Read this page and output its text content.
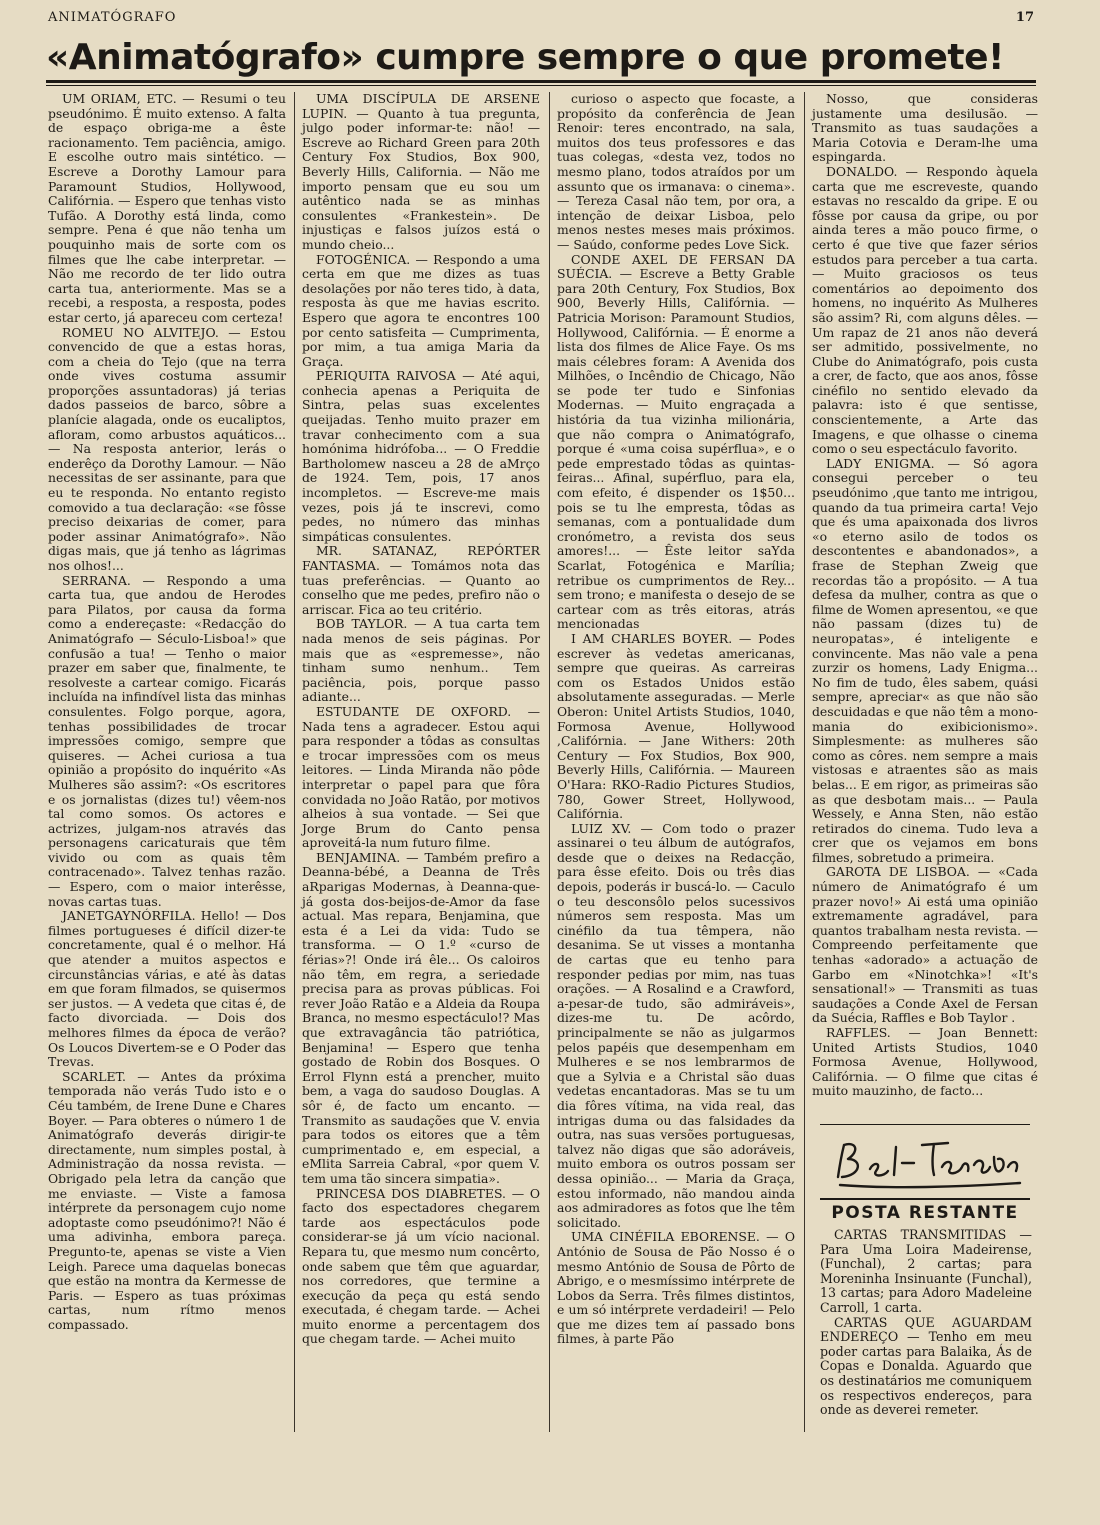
ANIMATÓGRAFO	17
«Animatógrafo» cumpre sempre o que promete!

UM ORIAM, ETC. — Resumi o teu pseudónimo. É muito extenso. A falta de espaço obriga-me a êste racionamento. Tem paciência, amigo. E escolhe outro mais sintético. — Escreve a Dorothy Lamour para Paramount Studios, Hollywood, Califórnia. — Espero que tenhas visto Tufão. A Dorothy está linda, como sempre. Pena é que não tenha um pouquinho mais de sorte com os filmes que lhe cabe interpretar. — Não me recordo de ter lido outra carta tua, anteriormente. Mas se a recebi, a resposta, a resposta, podes estar certo, já apareceu com certeza!

ROMEU NO ALVITEJO. — Estou convencido de que a estas horas, com a cheia do Tejo (que na terra onde vives costuma assumir proporções assuntadoras) já terias dados passeios de barco, sôbre a planície alagada, onde os eucaliptos, afloram, como arbustos aquáticos... — Na resposta anterior, lerás o enderêço da Dorothy Lamour. — Não necessitas de ser assinante, para que eu te responda. No entanto registo comovido a tua declaração: «se fôsse preciso deixarias de comer, para poder assinar Animatógrafo». Não digas mais, que já tenho as lágrimas nos olhos!...

SERRANA. — Respondo a uma carta tua, que andou de Herodes para Pilatos, por causa da forma como a endereçaste: «Redacção do Animatógrafo — Século-Lisboa!» que confusão a tua! — Tenho o maior prazer em saber que, finalmente, te resolveste a cartear comigo. Ficarás incluída na infindível lista das minhas consulentes. Folgo porque, agora, tenhas possibilidades de trocar impressões comigo, sempre que quiseres. — Achei curiosa a tua opinião a propósito do inquérito «As Mulheres são assim?: «Os escritores e os jornalistas (dizes tu!) vêem-nos tal como somos. Os actores e actrizes, julgam-nos através das personagens caricaturais que têm vivido ou com as quais têm contracenado». Talvez tenhas razão. — Espero, com o maior interêsse, novas cartas tuas.

JANETGAYNÓRFILA. Hello! — Dos filmes portugueses é difícil dizer-te concretamente, qual é o melhor. Há que atender a muitos aspectos e circunstâncias várias, e até às datas em que foram filmados, se quisermos ser justos. — A vedeta que citas é, de facto divorciada. — Dois dos melhores filmes da época de verão? Os Loucos Divertem-se e O Poder das Trevas.

SCARLET. — Antes da próxima temporada não verás Tudo isto e o Céu também, de Irene Dune e Chares Boyer. — Para obteres o número 1 de Animatógrafo deverás dirigir-te directamente, num simples postal, à Administração da nossa revista. — Obrigado pela letra da canção que me enviaste. — Viste a famosa intérprete da personagem cujo nome adoptaste como pseudónimo?! Não é uma adivinha, embora pareça. Pregunto-te, apenas se viste a Vien Leigh. Parece uma daquelas bonecas que estão na montra da Kermesse de Paris. — Espero as tuas próximas cartas, num rítmo menos compassado.

UMA DISCÍPULA DE ARSENE LUPIN. — Quanto à tua pregunta, julgo poder informar-te: não! — Escreve ao Richard Green para 20th Century Fox Studios, Box 900, Beverly Hills, California. — Não me importo pensam que eu sou um autêntico nada se as minhas consulentes «Frankestein». De injustiças e falsos juízos está o mundo cheio...

FOTOGÉNICA. — Respondo a uma certa em que me dizes as tuas desolações por não teres tido, à data, resposta às que me havias escrito. Espero que agora te encontres 100 por cento satisfeita — Cumprimenta, por mim, a tua amiga Maria da Graça.

PERIQUITA RAIVOSA — Até aqui, conhecia apenas a Periquita de Sintra, pelas suas excelentes queijadas. Tenho muito prazer em travar conhecimento com a sua homónima hidrófoba... — O Freddie Bartholomew nasceu a 28 de aMrço de 1924. Tem, pois, 17 anos incompletos. — Escreve-me mais vezes, pois já te inscrevi, como pedes, no número das minhas simpáticas consulentes.

MR. SATANAZ, REPÓRTER FANTASMA. — Tomámos nota das tuas preferências. — Quanto ao conselho que me pedes, prefiro não o arriscar. Fica ao teu critério.

BOB TAYLOR. — A tua carta tem nada menos de seis páginas. Por mais que as «espremesse», não tinham sumo nenhum.. Tem paciência, pois, porque passo adiante...

ESTUDANTE DE OXFORD. — Nada tens a agradecer. Estou aqui para responder a tôdas as consultas e trocar impressões com os meus leitores. — Linda Miranda não pôde interpretar o papel para que fôra convidada no João Ratão, por motivos alheios à sua vontade. — Sei que Jorge Brum do Canto pensa aproveitá-la num futuro filme.

BENJAMINA. — Também prefiro a Deanna-bébé, a Deanna de Três aRparigas Modernas, à Deanna-que-já gosta dos-beijos-de-Amor da fase actual. Mas repara, Benjamina, que esta é a Lei da vida: Tudo se transforma. — O 1.º «curso de férias»?! Onde irá êle... Os caloiros não têm, em regra, a seriedade precisa para as provas públicas. Foi rever João Ratão e a Aldeia da Roupa Branca, no mesmo espectáculo!? Mas que extravagância tão patriótica, Benjamina! — Espero que tenha gostado de Robin dos Bosques. O Errol Flynn está a prencher, muito bem, a vaga do saudoso Douglas. A sôr é, de facto um encanto. — Transmito as saudações que V. envia para todos os eitores que a têm cumprimentado e, em especial, a eMlita Sarreia Cabral, «por quem V. tem uma tão sincera simpatia».

PRINCESA DOS DIABRETES. — O facto dos espectadores chegarem tarde aos espectáculos pode considerar-se já um vício nacional. Repara tu, que mesmo num concêrto, onde sabem que têm que aguardar, nos corredores, que termine a execução da peça qu está sendo executada, é chegam tarde. — Achei muito enorme a percentagem dos que chegam tarde. — Achei muito

curioso o aspecto que focaste, a propósito da conferência de Jean Renoir: teres encontrado, na sala, muitos dos teus professores e das tuas colegas, «desta vez, todos no mesmo plano, todos atraídos por um assunto que os irmanava: o cinema». — Tereza Casal não tem, por ora, a intenção de deixar Lisboa, pelo menos nestes meses mais próximos. — Saúdo, conforme pedes Love Sick.

CONDE AXEL DE FERSAN DA SUÉCIA. — Escreve a Betty Grable para 20th Century, Fox Studios, Box 900, Beverly Hills, Califórnia. — Patricia Morison: Paramount Studios, Hollywood, Califórnia. — É enorme a lista dos filmes de Alice Faye. Os ms mais célebres foram: A Avenida dos Milhões, o Incêndio de Chicago, Não se pode ter tudo e Sinfonias Modernas. — Muito engraçada a história da tua vizinha milionária, que não compra o Animatógrafo, porque é «uma coisa supérflua», e o pede emprestado tôdas as quintas-feiras... Afinal, supérfluo, para ela, com efeito, é dispender os 1$50... pois se tu lhe empresta, tôdas as semanas, com a pontualidade dum cronómetro, a revista dos seus amores!... — Êste leitor saYda Scarlat, Fotogénica e Marília; retribue os cumprimentos de Rey... sem trono; e manifesta o desejo de se cartear com as três eitoras, atrás mencionadas

I AM CHARLES BOYER. — Podes escrever às vedetas americanas, sempre que queiras. As carreiras com os Estados Unidos estão absolutamente asseguradas. — Merle Oberon: Unitel Artists Studios, 1040, Formosa Avenue, Hollywood ,Califórnia. — Jane Withers: 20th Century — Fox Studios, Box 900, Beverly Hills, Califórnia. — Maureen O'Hara: RKO-Radio Pictures Studios, 780, Gower Street, Hollywood, Califórnia.

LUIZ XV. — Com todo o prazer assinarei o teu álbum de autógrafos, desde que o deixes na Redacção, para êsse efeito. Dois ou três dias depois, poderás ir buscá-lo. — Caculo o teu desconsôlo pelos sucessivos números sem resposta. Mas um cinéfilo da tua têmpera, não desanima. Se ut visses a montanha de cartas que eu tenho para responder pedias por mim, nas tuas orações. — A Rosalind e a Crawford, a-pesar-de tudo, são admiráveis», dizes-me tu. De acôrdo, principalmente se não as julgarmos pelos papéis que desempenham em Mulheres e se nos lembrarmos de que a Sylvia e a Christal são duas vedetas encantadoras. Mas se tu um dia fôres vítima, na vida real, das intrigas duma ou das falsidades da outra, nas suas versões portuguesas, talvez não digas que são adoráveis, muito embora os outros possam ser dessa opinião... — Maria da Graça, estou informado, não mandou ainda aos admiradores as fotos que lhe têm solicitado.

UMA CINÉFILA EBORENSE. — O António de Sousa de Pão Nosso é o mesmo António de Sousa de Pôrto de Abrigo, e o mesmíssimo intérprete de Lobos da Serra. Três filmes distintos, e um só intérprete verdadeiri! — Pelo que me dizes tem aí passado bons filmes, à parte Pão

Nosso, que consideras justamente uma desilusão. — Transmito as tuas saudações a Maria Cotovia e Deram-lhe uma espingarda.

DONALDO. — Respondo àquela carta que me escreveste, quando estavas no rescaldo da gripe. E ou fôsse por causa da gripe, ou por ainda teres a mão pouco firme, o certo é que tive que fazer sérios estudos para perceber a tua carta. — Muito graciosos os teus comentários ao depoimento dos homens, no inquérito As Mulheres são assim? Ri, com alguns dêles. — Um rapaz de 21 anos não deverá ser admitido, possivelmente, no Clube do Animatógrafo, pois custa a crer, de facto, que aos anos, fôsse cinéfilo no sentido elevado da palavra: isto é que sentisse, conscientemente, a Arte das Imagens, e que olhasse o cinema como o seu espectáculo favorito.

LADY ENIGMA. — Só agora consegui perceber o teu pseudónimo ,que tanto me intrigou, quando da tua primeira carta! Vejo que és uma apaixonada dos livros «o eterno asilo de todos os descontentes e abandonados», a frase de Stephan Zweig que recordas tão a propósito. — A tua defesa da mulher, contra as que o filme de Women apresentou, «e que não passam (dizes tu) de neuropatas», é inteligente e convincente. Mas não vale a pena zurzir os homens, Lady Enigma... No fim de tudo, êles sabem, quási sempre, apreciar« as que não são descuidadas e que não têm a mono-mania do exibicionismo». Simplesmente: as mulheres são como as côres. nem sempre a mais vistosas e atraentes são as mais belas... E em rigor, as primeiras são as que desbotam mais... — Paula Wessely, e Anna Sten, não estão retirados do cinema. Tudo leva a crer que os vejamos em bons filmes, sobretudo a primeira.

GAROTA DE LISBOA. — «Cada número de Animatógrafo é um prazer novo!» Ai está uma opinião extremamente agradável, para quantos trabalham nesta revista. — Compreendo perfeitamente que tenhas «adorado» a actuação de Garbo em «Ninotchka»! «It's sensational!» — Transmiti as tuas saudações a Conde Axel de Fersan da Suécia, Raffles e Bob Taylor .

RAFFLES. — Joan Bennett: United Artists Studios, 1040 Formosa Avenue, Hollywood, Califórnia. — O filme que citas é muito mauzinho, de facto...

POSTA RESTANTE

CARTAS TRANSMITIDAS — Para Uma Loira Madeirense, (Funchal), 2 cartas; para Moreninha Insinuante (Funchal), 13 cartas; para Adoro Madeleine Carroll, 1 carta.

CARTAS QUE AGUARDAM ENDEREÇO — Tenho em meu poder cartas para Balaika, Ás de Copas e Donalda. Aguardo que os destinatários me comuniquem os respectivos endereços, para onde as deverei remeter.
